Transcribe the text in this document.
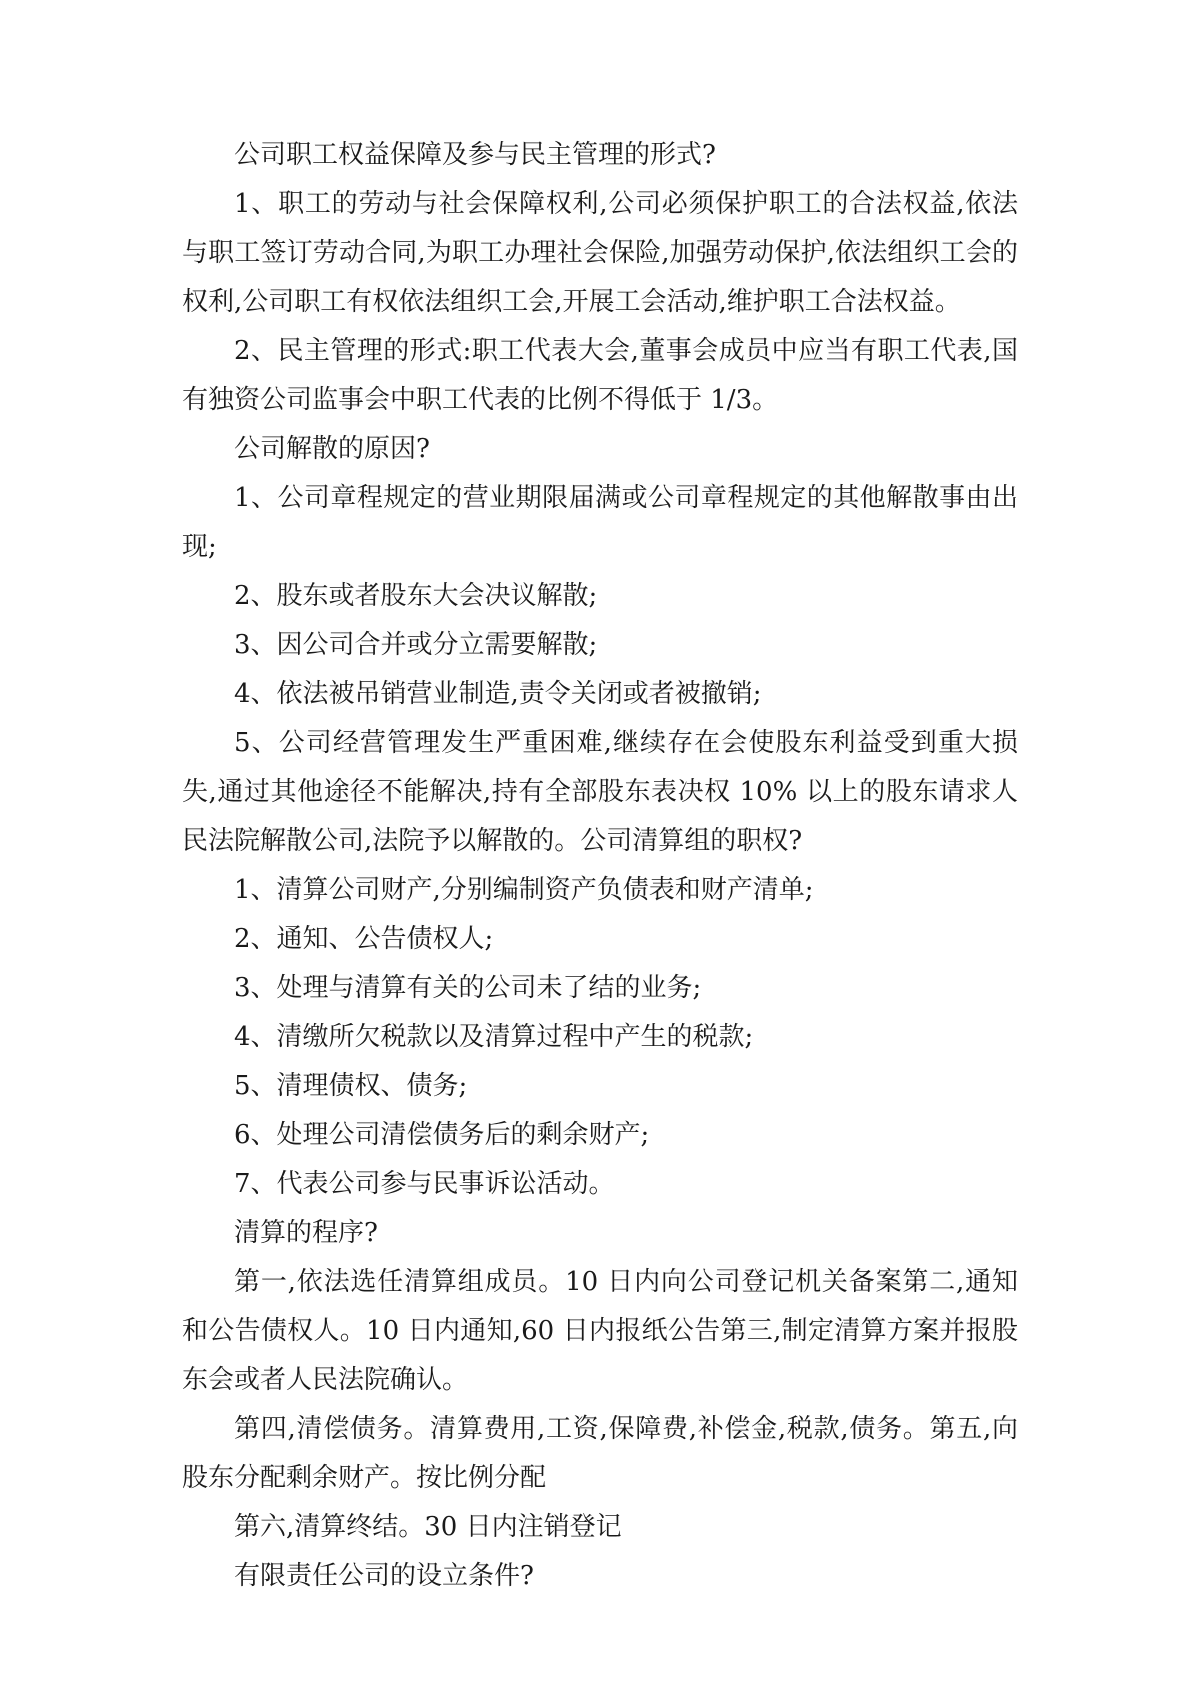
公司职工权益保障及参与民主管理的形式?

1、职工的劳动与社会保障权利,公司必须保护职工的合法权益,依法与职工签订劳动合同,为职工办理社会保险,加强劳动保护,依法组织工会的权利,公司职工有权依法组织工会,开展工会活动,维护职工合法权益。

2、民主管理的形式:职工代表大会,董事会成员中应当有职工代表,国有独资公司监事会中职工代表的比例不得低于 1/3。

公司解散的原因?

1、公司章程规定的营业期限届满或公司章程规定的其他解散事由出现;

2、股东或者股东大会决议解散;

3、因公司合并或分立需要解散;

4、依法被吊销营业制造,责令关闭或者被撤销;

5、公司经营管理发生严重困难,继续存在会使股东利益受到重大损失,通过其他途径不能解决,持有全部股东表决权 10% 以上的股东请求人民法院解散公司,法院予以解散的。公司清算组的职权?

1、清算公司财产,分别编制资产负债表和财产清单;

2、通知、公告债权人;

3、处理与清算有关的公司未了结的业务;

4、清缴所欠税款以及清算过程中产生的税款;

5、清理债权、债务;

6、处理公司清偿债务后的剩余财产;

7、代表公司参与民事诉讼活动。

清算的程序?

第一,依法选任清算组成员。10 日内向公司登记机关备案第二,通知和公告债权人。10 日内通知,60 日内报纸公告第三,制定清算方案并报股东会或者人民法院确认。

第四,清偿债务。清算费用,工资,保障费,补偿金,税款,债务。第五,向股东分配剩余财产。按比例分配

第六,清算终结。30 日内注销登记

有限责任公司的设立条件?
